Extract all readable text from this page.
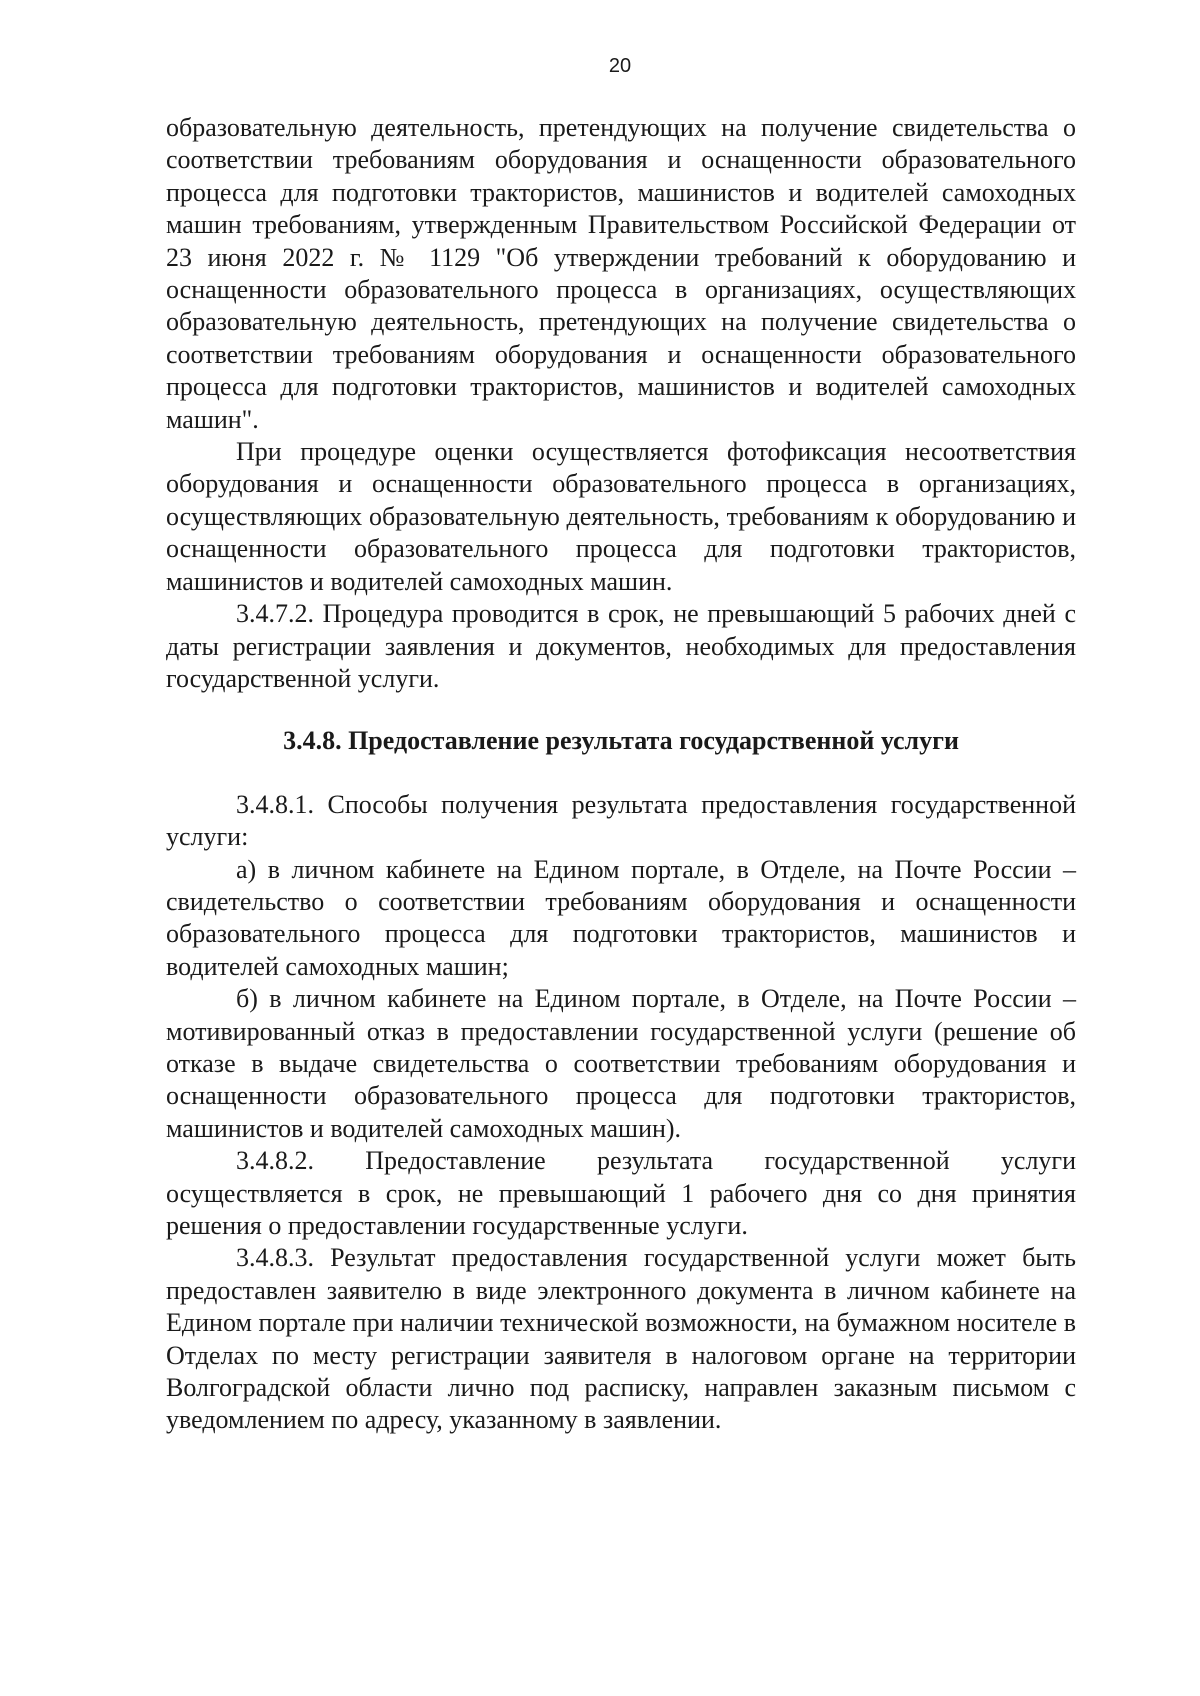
20

образовательную деятельность, претендующих на получение свидетельства о соответствии требованиям оборудования и оснащенности образовательного процесса для подготовки трактористов, машинистов и водителей самоходных машин требованиям, утвержденным Правительством Российской Федерации от 23 июня 2022 г. № 1129 "Об утверждении требований к оборудованию и оснащенности образовательного процесса в организациях, осуществляющих образовательную деятельность, претендующих на получение свидетельства о соответствии требованиям оборудования и оснащенности образовательного процесса для подготовки трактористов, машинистов и водителей самоходных машин".

При процедуре оценки осуществляется фотофиксация несоответствия оборудования и оснащенности образовательного процесса в организациях, осуществляющих образовательную деятельность, требованиям к оборудованию и оснащенности образовательного процесса для подготовки трактористов, машинистов и водителей самоходных машин.

3.4.7.2. Процедура проводится в срок, не превышающий 5 рабочих дней с даты регистрации заявления и документов, необходимых для предоставления государственной услуги.

3.4.8. Предоставление результата государственной услуги

3.4.8.1. Способы получения результата предоставления государственной услуги:

а) в личном кабинете на Едином портале, в Отделе, на Почте России – свидетельство о соответствии требованиям оборудования и оснащенности образовательного процесса для подготовки трактористов, машинистов и водителей самоходных машин;

б) в личном кабинете на Едином портале, в Отделе, на Почте России – мотивированный отказ в предоставлении государственной услуги (решение об отказе в выдаче свидетельства о соответствии требованиям оборудования и оснащенности образовательного процесса для подготовки трактористов, машинистов и водителей самоходных машин).

3.4.8.2. Предоставление результата государственной услуги осуществляется в срок, не превышающий 1 рабочего дня со дня принятия решения о предоставлении государственные услуги.

3.4.8.3. Результат предоставления государственной услуги может быть предоставлен заявителю в виде электронного документа в личном кабинете на Едином портале при наличии технической возможности, на бумажном носителе в Отделах по месту регистрации заявителя в налоговом органе на территории Волгоградской области лично под расписку, направлен заказным письмом с уведомлением по адресу, указанному в заявлении.
